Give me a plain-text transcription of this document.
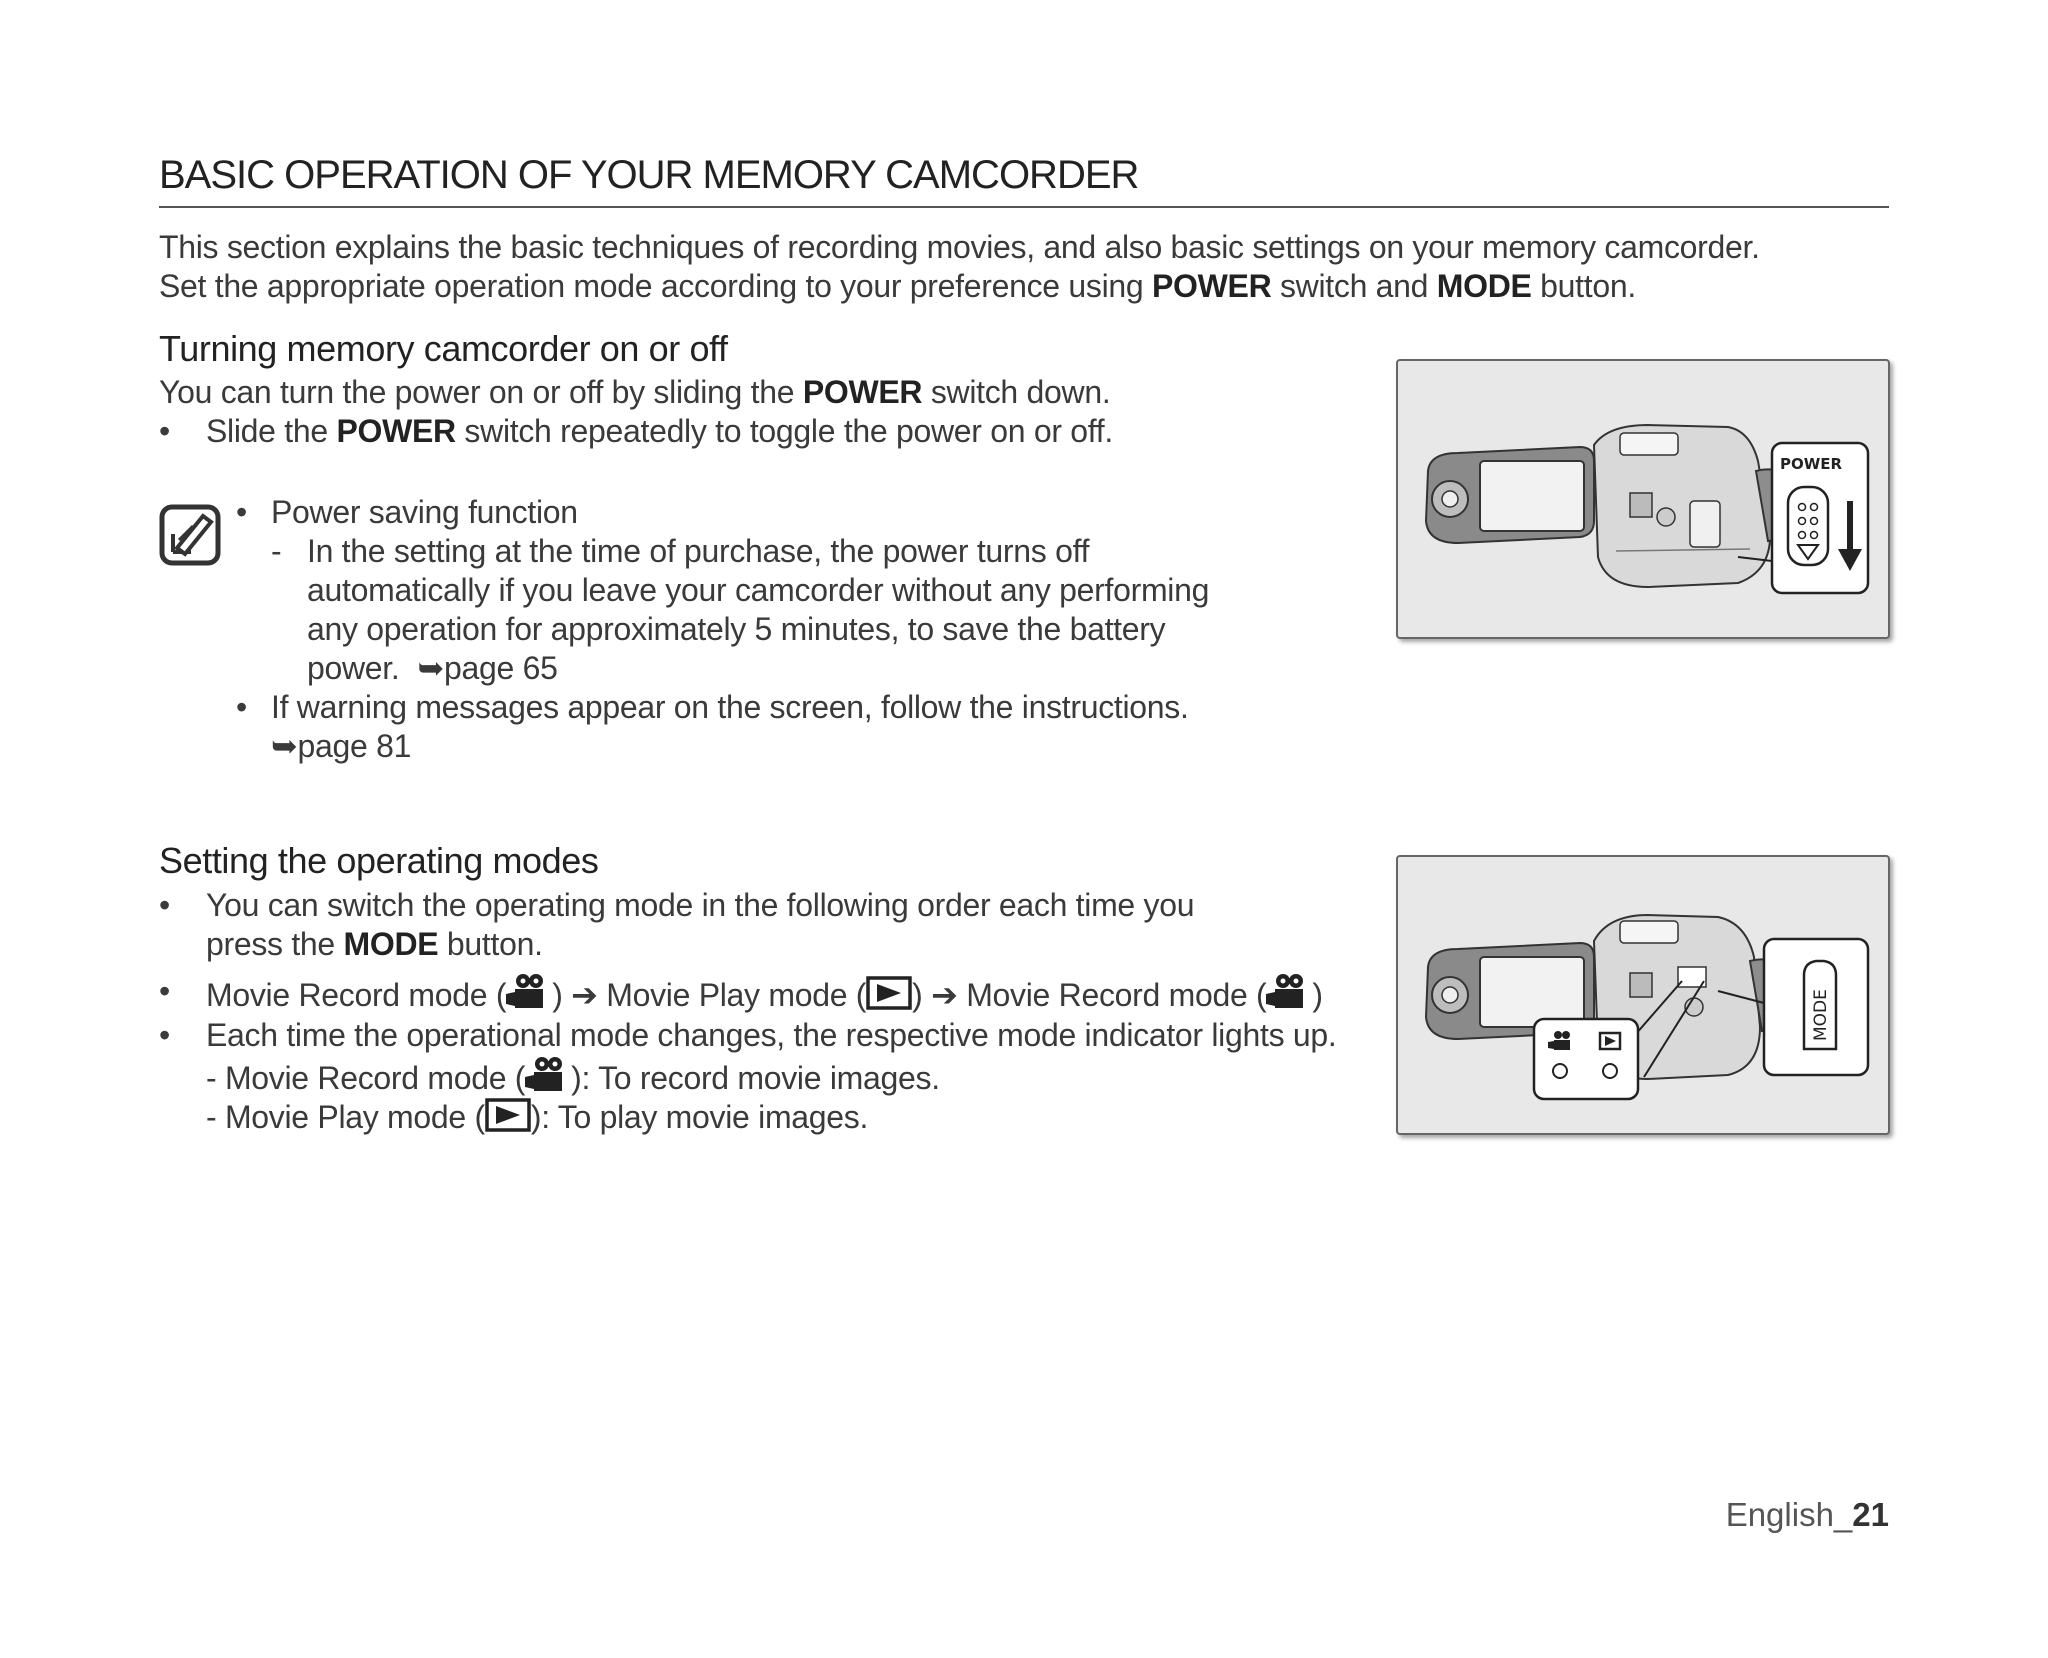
BASIC OPERATION OF YOUR MEMORY CAMCORDER
This section explains the basic techniques of recording movies, and also basic settings on your memory camcorder.
Set the appropriate operation mode according to your preference using POWER switch and MODE button.
Turning memory camcorder on or off
You can turn the power on or off by sliding the POWER switch down.
• Slide the POWER switch repeatedly to toggle the power on or off.
• Power saving function
- In the setting at the time of purchase, the power turns off
automatically if you leave your camcorder without any performing
any operation for approximately 5 minutes, to save the battery
power. ➥page 65
• If warning messages appear on the screen, follow the instructions.
➥page 81
POWER
Setting the operating modes
• You can switch the operating mode in the following order each time you
press the MODE button.
• Movie Record mode ( ) ➔ Movie Play mode ( ) ➔ Movie Record mode ( )
• Each time the operational mode changes, the respective mode indicator lights up.
- Movie Record mode ( ): To record movie images.
- Movie Play mode ( ): To play movie images.
MODE
English_21
